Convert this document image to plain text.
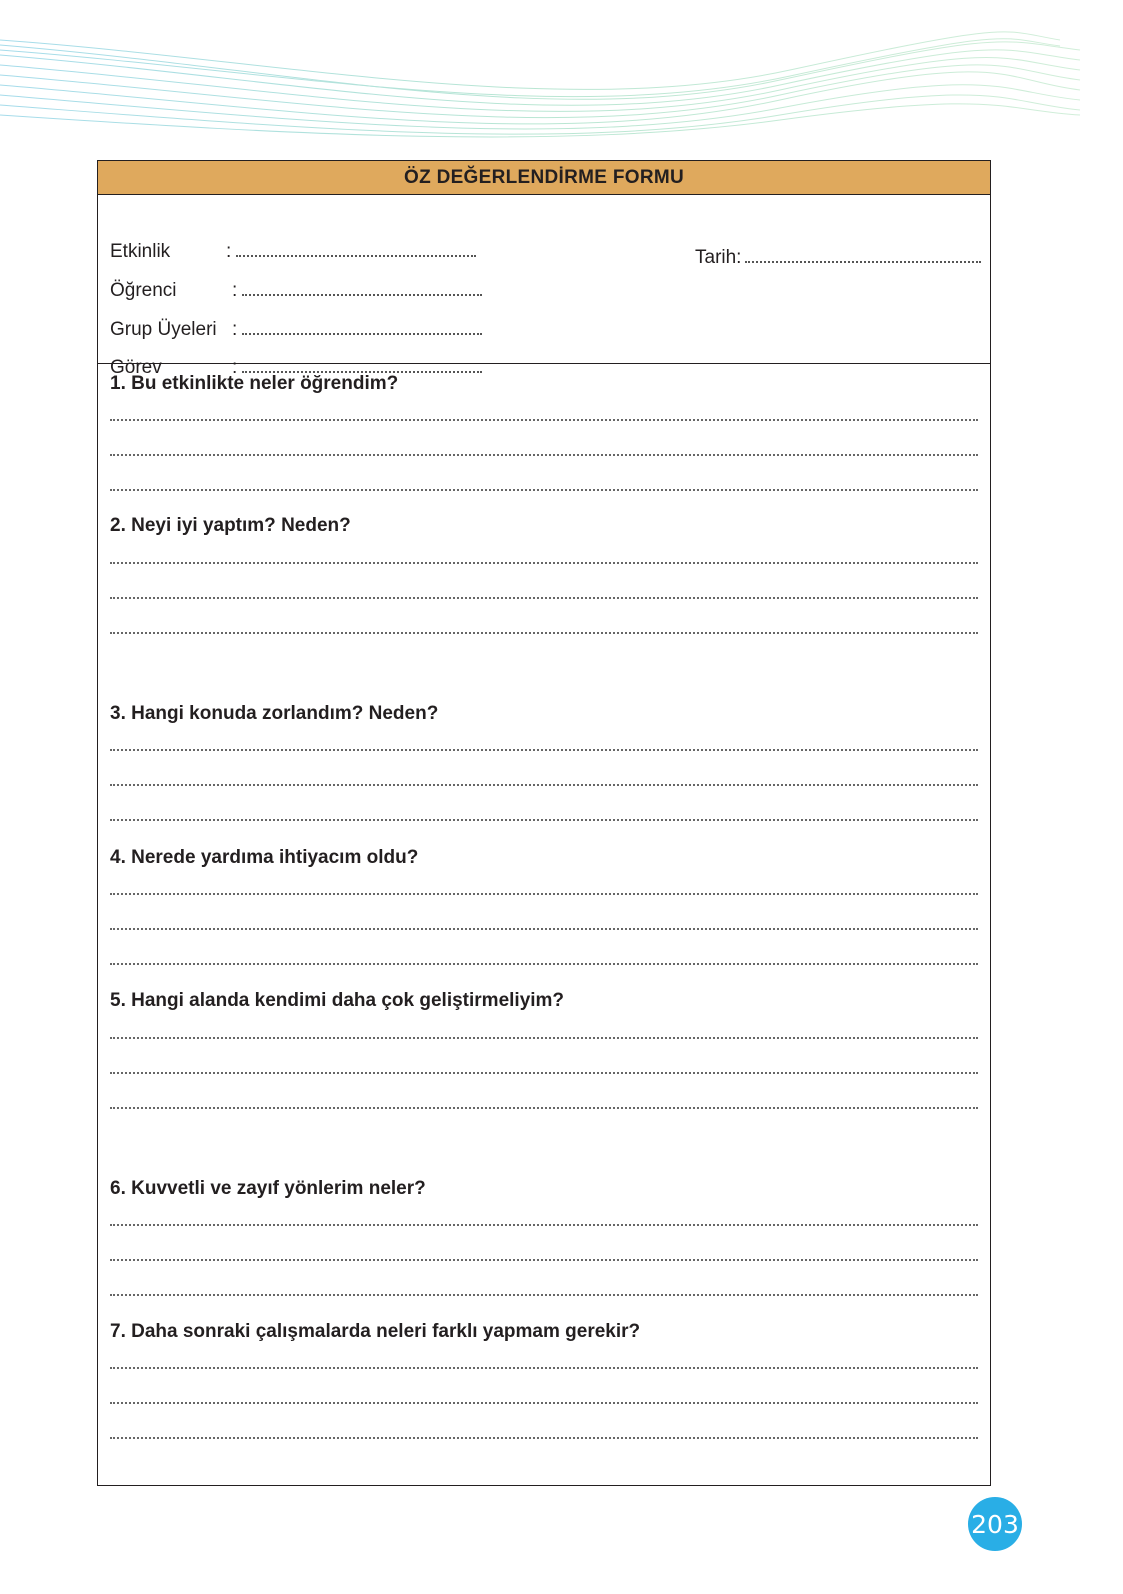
ÖZ DEĞERLENDİRME FORMU
Etkinlik	:
Öğrenci	:
Grup Üyeleri :
Görev	:
Tarih:
1. Bu etkinlikte neler öğrendim?
2. Neyi iyi yaptım? Neden?
3. Hangi konuda zorlandım? Neden?
4. Nerede yardıma ihtiyacım oldu?
5. Hangi alanda kendimi daha çok geliştirmeliyim?
6. Kuvvetli ve zayıf yönlerim neler?
7. Daha sonraki çalışmalarda neleri farklı yapmam gerekir?
203
